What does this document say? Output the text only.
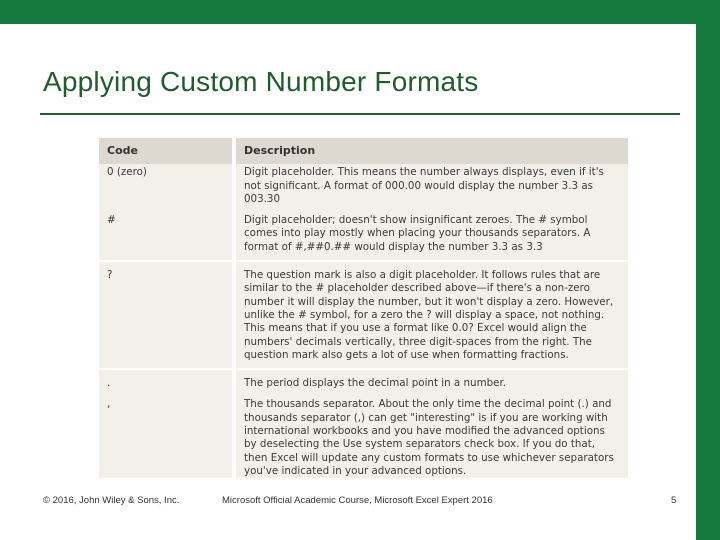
Applying Custom Number Formats
Code	Description
0 (zero)	Digit placeholder. This means the number always displays, even if it's not significant. A format of 000.00 would display the number 3.3 as 003.30
#	Digit placeholder; doesn't show insignificant zeroes. The # symbol comes into play mostly when placing your thousands separators. A format of #,##0.## would display the number 3.3 as 3.3
?	The question mark is also a digit placeholder. It follows rules that are similar to the # placeholder described above—if there's a non-zero number it will display the number, but it won't display a zero. However, unlike the # symbol, for a zero the ? will display a space, not nothing. This means that if you use a format like 0.0? Excel would align the numbers' decimals vertically, three digit-spaces from the right. The question mark also gets a lot of use when formatting fractions.
.	The period displays the decimal point in a number.
,	The thousands separator. About the only time the decimal point (.) and thousands separator (,) can get "interesting" is if you are working with international workbooks and you have modified the advanced options by deselecting the Use system separators check box. If you do that, then Excel will update any custom formats to use whichever separators you've indicated in your advanced options.
© 2016, John Wiley & Sons, Inc.	Microsoft Official Academic Course, Microsoft Excel Expert 2016	5
